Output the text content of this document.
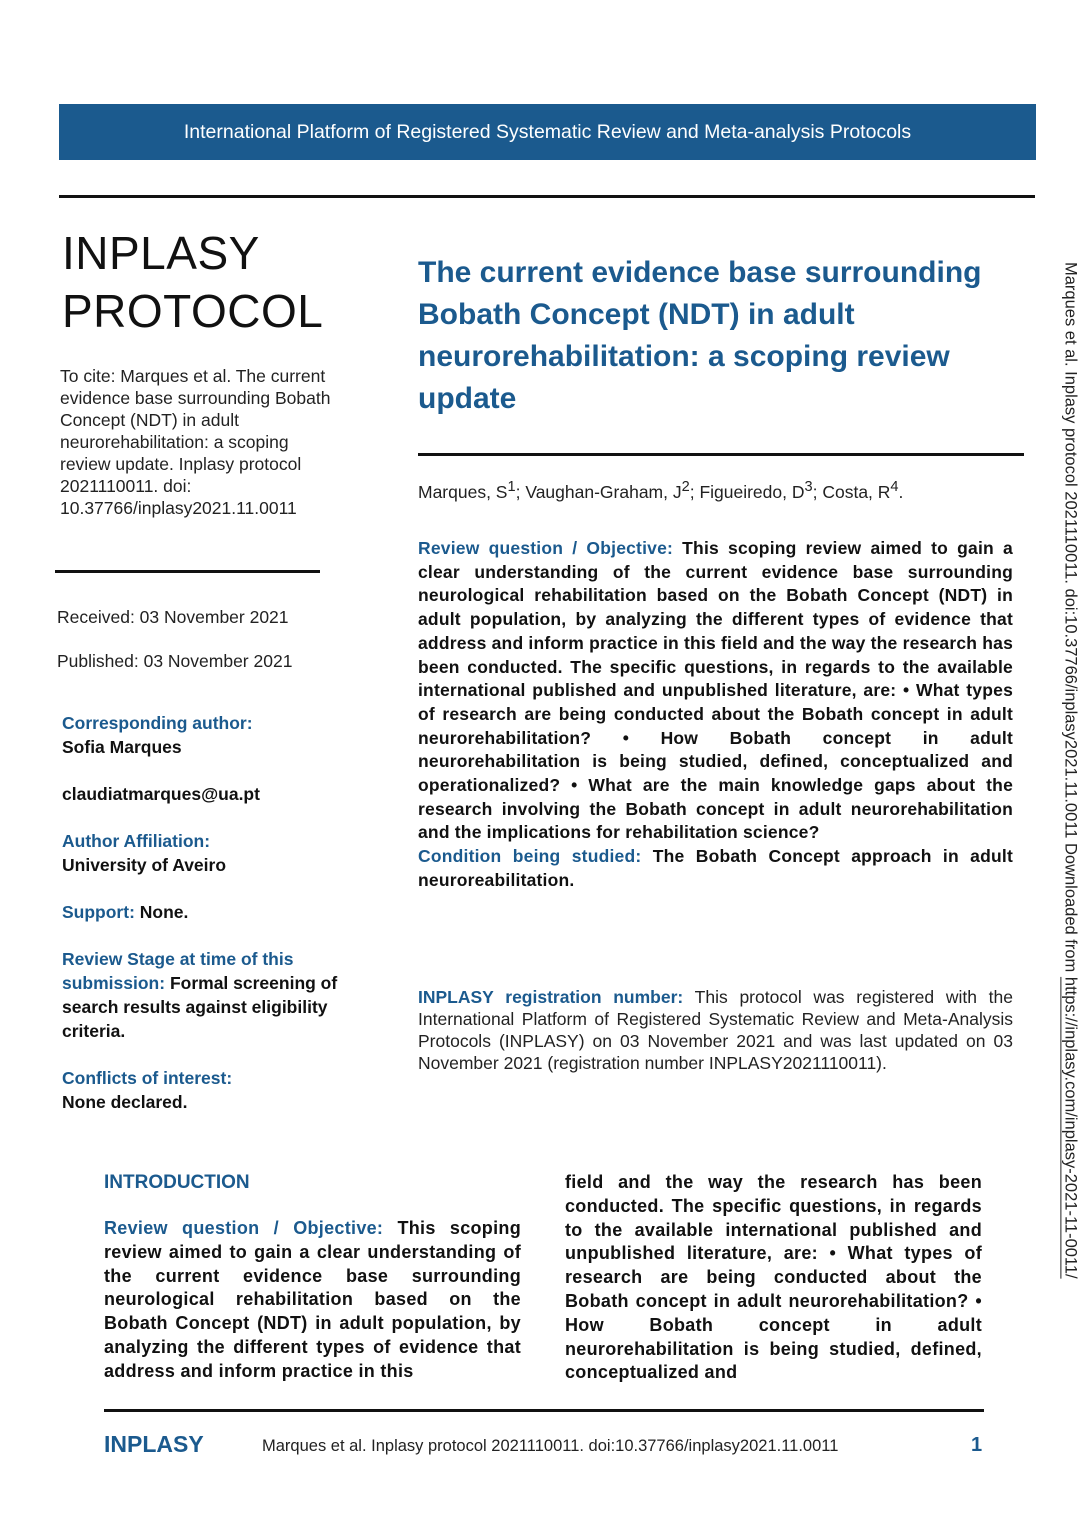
International Platform of Registered Systematic Review and Meta-analysis Protocols
INPLASY
PROTOCOL
To cite: Marques et al. The current evidence base surrounding Bobath Concept (NDT) in adult neurorehabilitation: a scoping review update. Inplasy protocol 2021110011. doi: 10.37766/inplasy2021.11.0011
Received: 03 November 2021
Published: 03 November 2021

Corresponding author:
Sofia Marques

claudiatmarques@ua.pt

Author Affiliation:
University of Aveiro

Support: None.

Review Stage at time of this submission: Formal screening of search results against eligibility criteria.

Conflicts of interest:
None declared.

The current evidence base surrounding Bobath Concept (NDT) in adult neurorehabilitation: a scoping review update
Marques, $S^1$; Vaughan-Graham, $J^2$; Figueiredo, $D^3$; Costa, $R^4$.

Review question / Objective: This scoping review aimed to gain a clear understanding of the current evidence base surrounding neurological rehabilitation based on the Bobath Concept (NDT) in adult population, by analyzing the different types of evidence that address and inform practice in this field and the way the research has been conducted. The specific questions, in regards to the available international published and unpublished literature, are: • What types of research are being conducted about the Bobath concept in adult neurorehabilitation? • How Bobath concept in adult neurorehabilitation is being studied, defined, conceptualized and operationalized? • What are the main knowledge gaps about the research involving the Bobath concept in adult neurorehabilitation and the implications for rehabilitation science?

Condition being studied: The Bobath Concept approach in adult neuroreabilitation.

INPLASY registration number: This protocol was registered with the International Platform of Registered Systematic Review and Meta-Analysis Protocols (INPLASY) on 03 November 2021 and was last updated on 03 November 2021 (registration number INPLASY2021110011).
INTRODUCTION
Review question / Objective: This scoping review aimed to gain a clear understanding of the current evidence base surrounding neurological rehabilitation based on the Bobath Concept (NDT) in adult population, by analyzing the different types of evidence that address and inform practice in this
field and the way the research has been conducted. The specific questions, in regards to the available international published and unpublished literature, are: • What types of research are being conducted about the Bobath concept in adult neurorehabilitation? • How Bobath concept in adult neurorehabilitation is being studied, defined, conceptualized and
INPLASY	Marques et al. Inplasy protocol 2021110011. doi:10.37766/inplasy2021.11.0011	1
Marques et al. Inplasy protocol 2021110011. doi:10.37766/inplasy2021.11.0011 Downloaded from https://inplasy.com/inplasy-2021-11-0011/
